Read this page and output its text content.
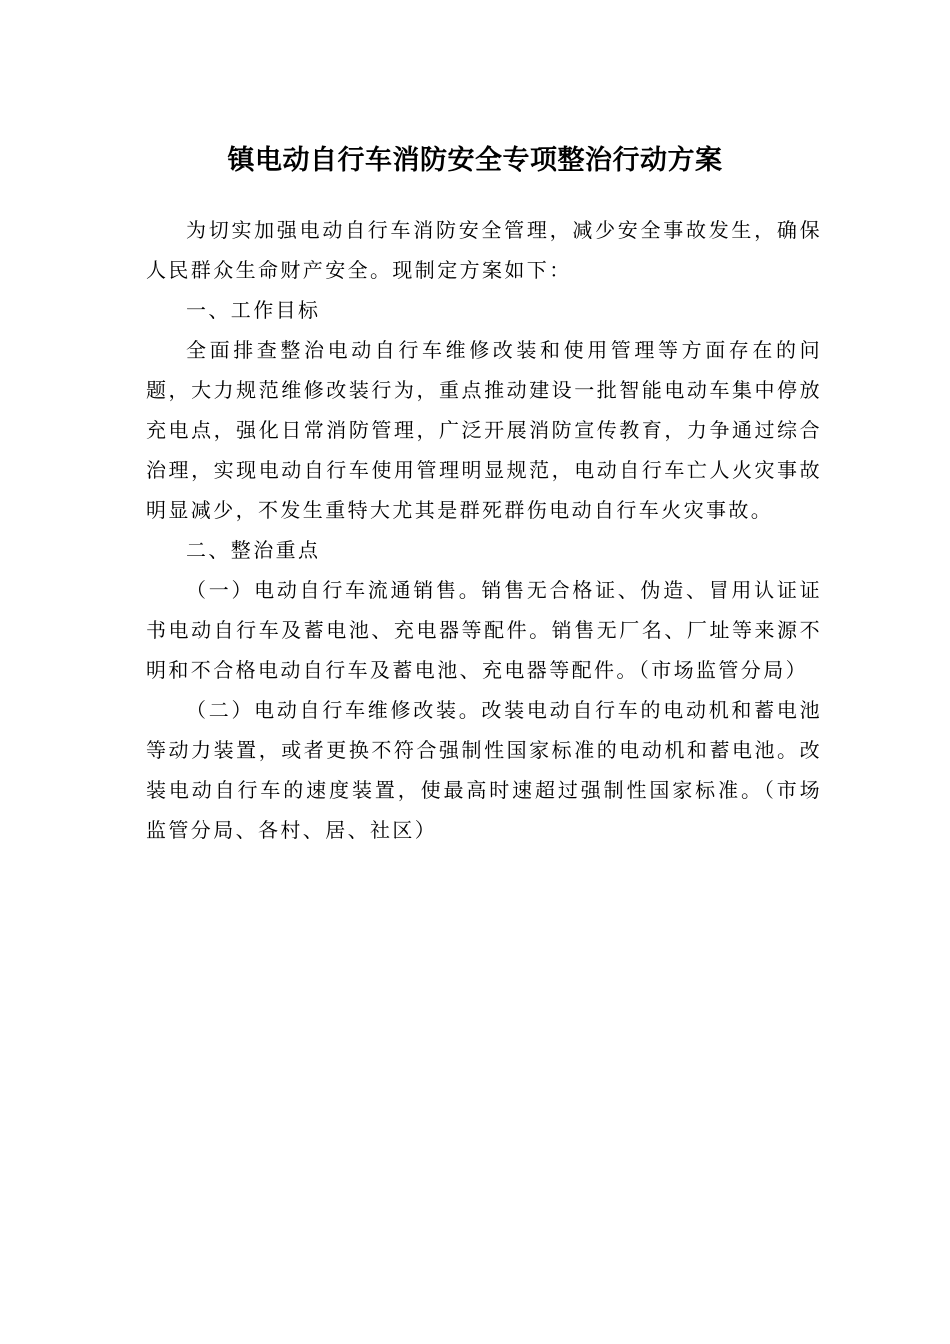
镇电动自行车消防安全专项整治行动方案

为切实加强电动自行车消防安全管理，减少安全事故发生，确保人民群众生命财产安全。现制定方案如下：

一、工作目标

全面排查整治电动自行车维修改装和使用管理等方面存在的问题，大力规范维修改装行为，重点推动建设一批智能电动车集中停放充电点，强化日常消防管理，广泛开展消防宣传教育，力争通过综合治理，实现电动自行车使用管理明显规范，电动自行车亡人火灾事故明显减少，不发生重特大尤其是群死群伤电动自行车火灾事故。

二、整治重点

（一）电动自行车流通销售。销售无合格证、伪造、冒用认证证书电动自行车及蓄电池、充电器等配件。销售无厂名、厂址等来源不明和不合格电动自行车及蓄电池、充电器等配件。（市场监管分局）

（二）电动自行车维修改装。改装电动自行车的电动机和蓄电池等动力装置，或者更换不符合强制性国家标准的电动机和蓄电池。改装电动自行车的速度装置，使最高时速超过强制性国家标准。（市场监管分局、各村、居、社区）
